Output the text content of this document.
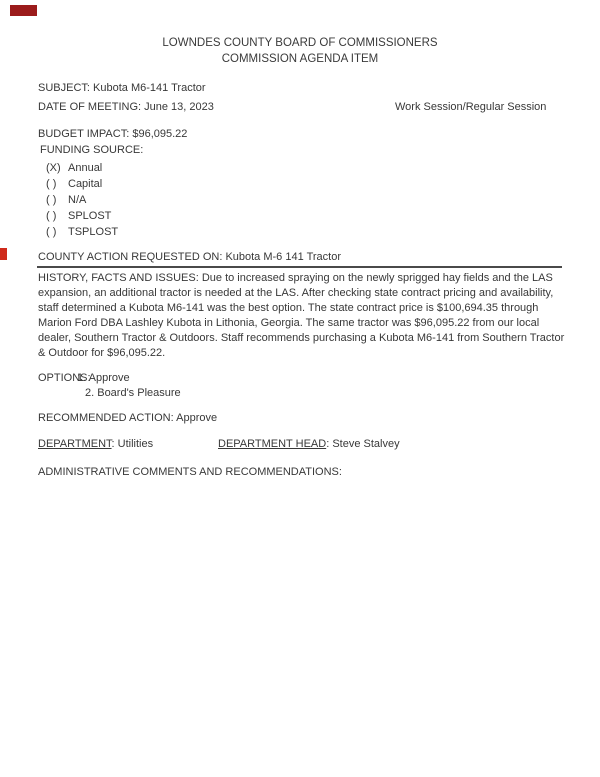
LOWNDES COUNTY BOARD OF COMMISSIONERS
COMMISSION AGENDA ITEM
SUBJECT: Kubota M6-141 Tractor
DATE OF MEETING: June 13, 2023	Work Session/Regular Session
BUDGET IMPACT: $96,095.22
FUNDING SOURCE:
(X) Annual
( ) Capital
( ) N/A
( ) SPLOST
( ) TSPLOST
COUNTY ACTION REQUESTED ON: Kubota M-6 141 Tractor
HISTORY, FACTS AND ISSUES: Due to increased spraying on the newly sprigged hay fields and the LAS expansion, an additional tractor is needed at the LAS. After checking state contract pricing and availability, staff determined a Kubota M6-141 was the best option. The state contract price is $100,694.35 through Marion Ford DBA Lashley Kubota in Lithonia, Georgia. The same tractor was $96,095.22 from our local dealer, Southern Tractor & Outdoors. Staff recommends purchasing a Kubota M6-141 from Southern Tractor & Outdoor for $96,095.22.
OPTIONS:
1. Approve
2. Board's Pleasure
RECOMMENDED ACTION: Approve
DEPARTMENT: Utilities	DEPARTMENT HEAD: Steve Stalvey
ADMINISTRATIVE COMMENTS AND RECOMMENDATIONS:
